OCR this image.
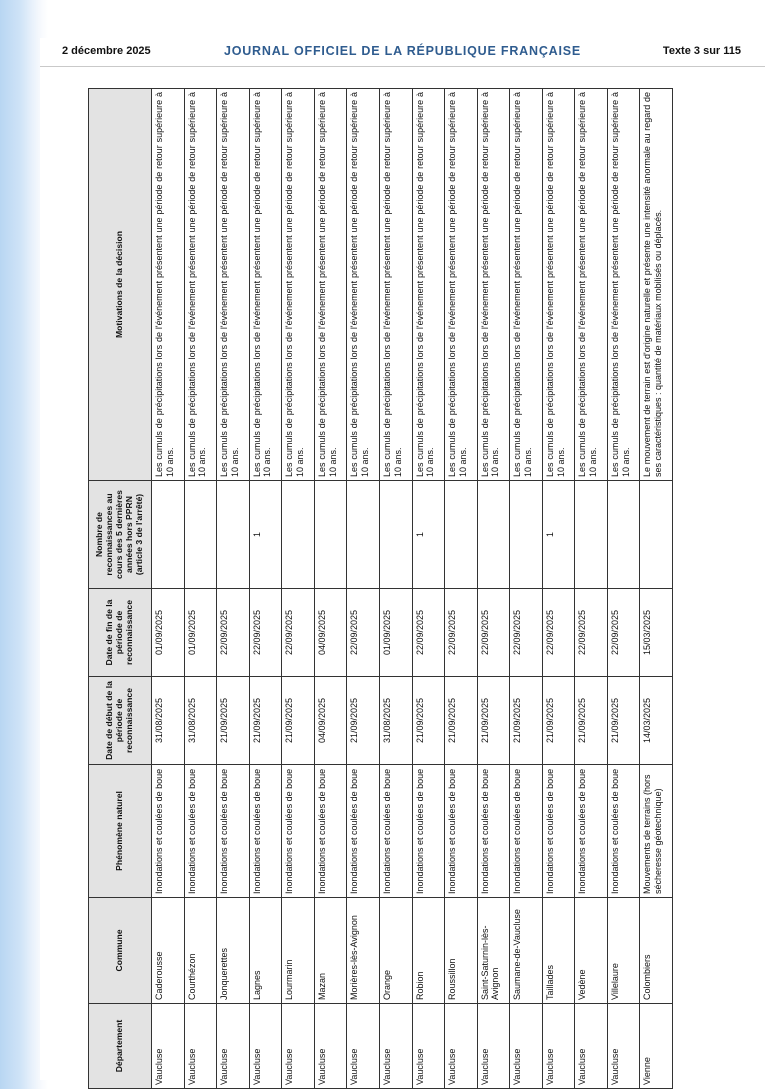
2 décembre 2025	JOURNAL OFFICIEL DE LA RÉPUBLIQUE FRANÇAISE	Texte 3 sur 115
Département	Commune	Phénomène naturel	Date de début de la période de reconnaissance	Date de fin de la période de reconnaissance	Nombre de reconnaissances au cours des 5 dernières années hors PPRN (article 3 de l'arrêté)	Motivations de la décision
Vaucluse	Caderousse	Inondations et coulées de boue	31/08/2025	01/09/2025		Les cumuls de précipitations lors de l'événement présentent une période de retour supérieure à 10 ans.
Vaucluse	Courthézon	Inondations et coulées de boue	31/08/2025	01/09/2025		Les cumuls de précipitations lors de l'événement présentent une période de retour supérieure à 10 ans.
Vaucluse	Jonquerettes	Inondations et coulées de boue	21/09/2025	22/09/2025		Les cumuls de précipitations lors de l'événement présentent une période de retour supérieure à 10 ans.
Vaucluse	Lagnes	Inondations et coulées de boue	21/09/2025	22/09/2025	1	Les cumuls de précipitations lors de l'événement présentent une période de retour supérieure à 10 ans.
Vaucluse	Lourmarin	Inondations et coulées de boue	21/09/2025	22/09/2025		Les cumuls de précipitations lors de l'événement présentent une période de retour supérieure à 10 ans.
Vaucluse	Mazan	Inondations et coulées de boue	04/09/2025	04/09/2025		Les cumuls de précipitations lors de l'événement présentent une période de retour supérieure à 10 ans.
Vaucluse	Morières-lès-Avignon	Inondations et coulées de boue	21/09/2025	22/09/2025		Les cumuls de précipitations lors de l'événement présentent une période de retour supérieure à 10 ans.
Vaucluse	Orange	Inondations et coulées de boue	31/08/2025	01/09/2025		Les cumuls de précipitations lors de l'événement présentent une période de retour supérieure à 10 ans.
Vaucluse	Robion	Inondations et coulées de boue	21/09/2025	22/09/2025	1	Les cumuls de précipitations lors de l'événement présentent une période de retour supérieure à 10 ans.
Vaucluse	Roussillon	Inondations et coulées de boue	21/09/2025	22/09/2025		Les cumuls de précipitations lors de l'événement présentent une période de retour supérieure à 10 ans.
Vaucluse	Saint-Saturnin-lès-Avignon	Inondations et coulées de boue	21/09/2025	22/09/2025		Les cumuls de précipitations lors de l'événement présentent une période de retour supérieure à 10 ans.
Vaucluse	Saumane-de-Vaucluse	Inondations et coulées de boue	21/09/2025	22/09/2025		Les cumuls de précipitations lors de l'événement présentent une période de retour supérieure à 10 ans.
Vaucluse	Taillades	Inondations et coulées de boue	21/09/2025	22/09/2025	1	Les cumuls de précipitations lors de l'événement présentent une période de retour supérieure à 10 ans.
Vaucluse	Vedène	Inondations et coulées de boue	21/09/2025	22/09/2025		Les cumuls de précipitations lors de l'événement présentent une période de retour supérieure à 10 ans.
Vaucluse	Villelaure	Inondations et coulées de boue	21/09/2025	22/09/2025		Les cumuls de précipitations lors de l'événement présentent une période de retour supérieure à 10 ans.
Vienne	Colombiers	Mouvements de terrains (hors sécheresse géotechnique)	14/03/2025	15/03/2025		Le mouvement de terrain est d'origine naturelle et présente une intensité anormale au regard de ses caractéristiques : quantité de matériaux mobilisés ou déplacés.
